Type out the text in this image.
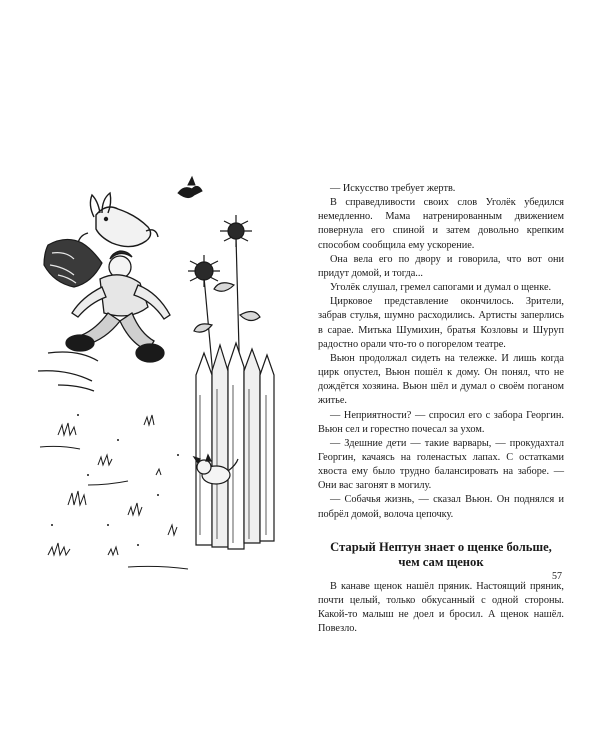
— Искусство требует жертв.

В справедливости своих слов Уголёк убедился немедленно. Мама натренированным движением повернула его спиной и затем довольно крепким способом сообщила ему ускорение.

Она вела его по двору и говорила, что вот они придут домой, и тогда...

Уголёк слушал, гремел сапогами и думал о щенке.

Цирковое представление окончилось. Зрители, забрав стулья, шумно расходились. Артисты заперлись в сарае. Митька Шумихин, братья Козловы и Шуруп радостно орали что-то о погорелом театре.

Вьюн продолжал сидеть на тележке. И лишь когда цирк опустел, Вьюн пошёл к дому. Он понял, что не дождётся хозяина. Вьюн шёл и думал о своём поганом житье.

— Неприятности? — спросил его с забора Георгин. Вьюн сел и горестно почесал за ухом.

— Здешние дети — такие варвары, — прокудахтал Георгин, качаясь на голенастых лапах. С остатками хвоста ему было трудно балансировать на заборе. — Они вас загонят в могилу.

— Собачья жизнь, — сказал Вьюн. Он поднялся и побрёл домой, волоча цепочку.

Старый Нептун знает о щенке больше, чем сам щенок

В канаве щенок нашёл пряник. Настоящий пряник, почти целый, только обкусанный с одной стороны. Какой-то малыш не доел и бросил. А щенок нашёл. Повезло.

57
